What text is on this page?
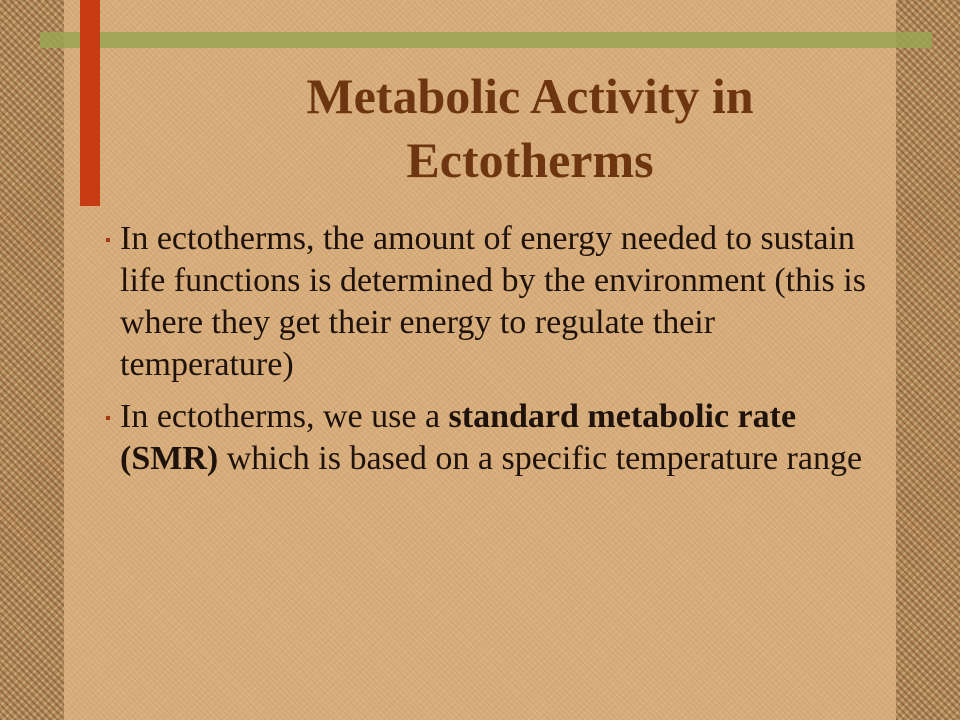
Metabolic Activity in Ectotherms
In ectotherms, the amount of energy needed to sustain life functions is determined by the environment (this is where they get their energy to regulate their temperature)
In ectotherms, we use a standard metabolic rate (SMR) which is based on a specific temperature range
